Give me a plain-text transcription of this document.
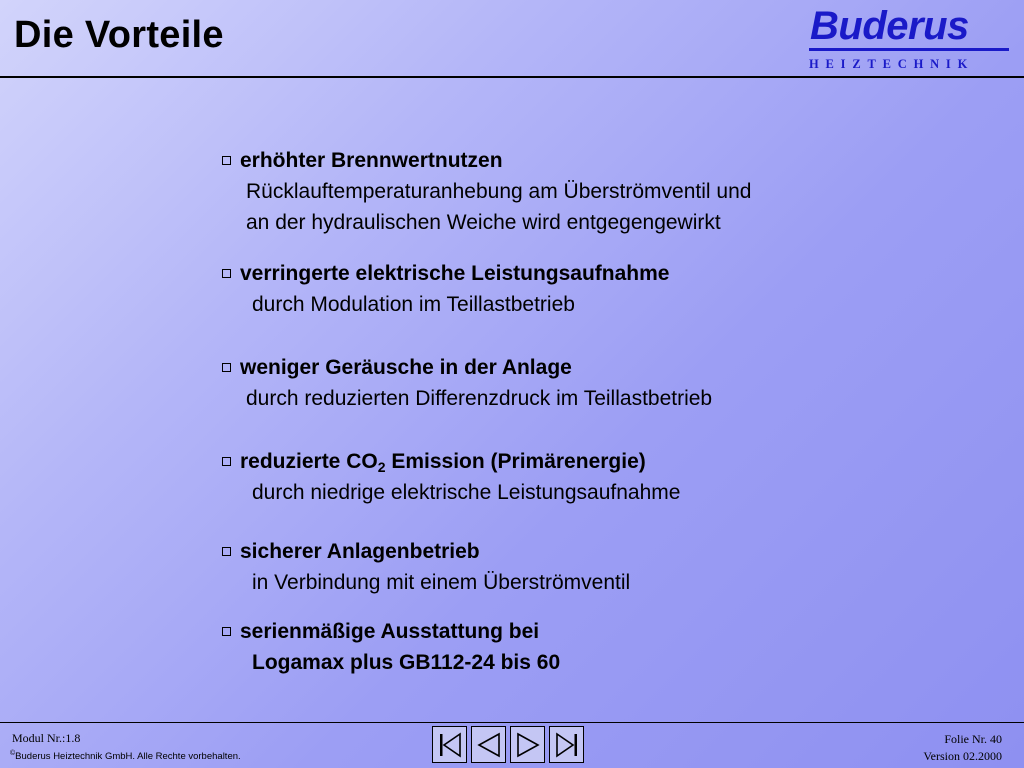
Die Vorteile	Buderus
HEIZTECHNIK
erhöhter Brennwertnutzen
Rücklauftemperaturanhebung am Überströmventil und
an der hydraulischen Weiche wird entgegengewirkt
verringerte elektrische Leistungsaufnahme
durch Modulation im Teillastbetrieb
weniger Geräusche in der Anlage
durch reduzierten Differenzdruck im Teillastbetrieb
reduzierte $CO_2$ Emission (Primärenergie)
durch niedrige elektrische Leistungsaufnahme
sicherer Anlagenbetrieb
in Verbindung mit einem Überströmventil
serienmäßige Ausstattung bei
Logamax plus GB112-24 bis 60
Modul Nr.:1.8
©Buderus Heiztechnik GmbH. Alle Rechte vorbehalten.
Folie Nr. 40
Version 02.2000
